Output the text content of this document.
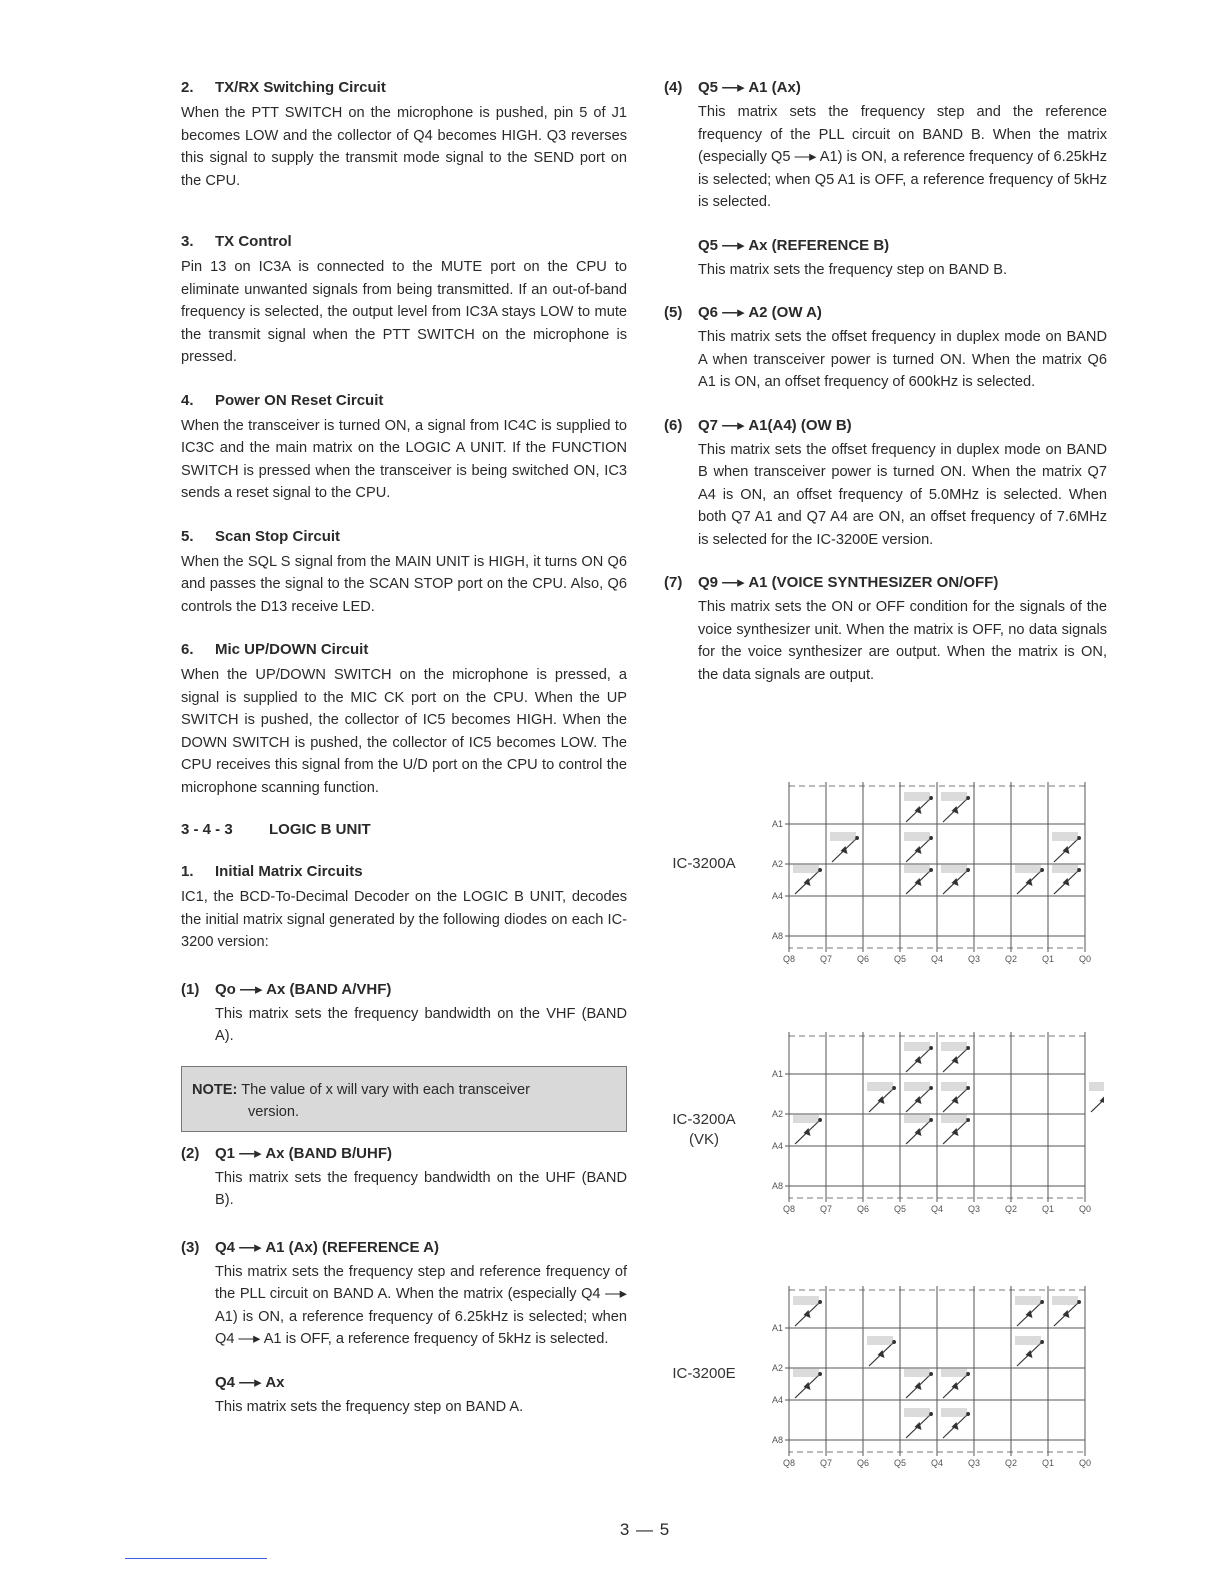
2. TX/RX Switching Circuit

When the PTT SWITCH on the microphone is pushed, pin 5 of J1 becomes LOW and the collector of Q4 becomes HIGH. Q3 reverses this signal to supply the transmit mode signal to the SEND port on the CPU.

3. TX Control

Pin 13 on IC3A is connected to the MUTE port on the CPU to eliminate unwanted signals from being transmitted. If an out-of-band frequency is selected, the output level from IC3A stays LOW to mute the transmit signal when the PTT SWITCH on the microphone is pressed.

4. Power ON Reset Circuit

When the transceiver is turned ON, a signal from IC4C is supplied to IC3C and the main matrix on the LOGIC A UNIT. If the FUNCTION SWITCH is pressed when the transceiver is being switched ON, IC3 sends a reset signal to the CPU.

5. Scan Stop Circuit

When the SQL S signal from the MAIN UNIT is HIGH, it turns ON Q6 and passes the signal to the SCAN STOP port on the CPU. Also, Q6 controls the D13 receive LED.

6. Mic UP/DOWN Circuit

When the UP/DOWN SWITCH on the microphone is pressed, a signal is supplied to the MIC CK port on the CPU. When the UP SWITCH is pushed, the collector of IC5 becomes HIGH. When the DOWN SWITCH is pushed, the collector of IC5 becomes LOW. The CPU receives this signal from the U/D port on the CPU to control the microphone scanning function.

3 - 4 - 3 LOGIC B UNIT
1. Initial Matrix Circuits

IC1, the BCD-To-Decimal Decoder on the LOGIC B UNIT, decodes the initial matrix signal generated by the following diodes on each IC-3200 version:

(1) Qo —▸ Ax (BAND A/VHF)

This matrix sets the frequency bandwidth on the VHF (BAND A).

NOTE: The value of x will vary with each transceiver
version.
(2) Q1 —▸ Ax (BAND B/UHF)

This matrix sets the frequency bandwidth on the UHF (BAND B).

(3) Q4 —▸ A1 (Ax) (REFERENCE A)

This matrix sets the frequency step and reference frequency of the PLL circuit on BAND A. When the matrix (especially Q4 —▸ A1) is ON, a reference frequency of 6.25kHz is selected; when Q4 —▸ A1 is OFF, a reference frequency of 5kHz is selected.

Q4 —▸ Ax

This matrix sets the frequency step on BAND A.

(4) Q5 —▸ A1 (Ax)

This matrix sets the frequency step and the reference frequency of the PLL circuit on BAND B. When the matrix (especially Q5 —▸ A1) is ON, a reference frequency of 6.25kHz is selected; when Q5 A1 is OFF, a reference frequency of 5kHz is selected.

Q5 —▸ Ax (REFERENCE B)

This matrix sets the frequency step on BAND B.

(5) Q6 —▸ A2 (OW A)

This matrix sets the offset frequency in duplex mode on BAND A when transceiver power is turned ON. When the matrix Q6 A1 is ON, an offset frequency of 600kHz is selected.

(6) Q7 —▸ A1(A4) (OW B)

This matrix sets the offset frequency in duplex mode on BAND B when transceiver power is turned ON. When the matrix Q7 A4 is ON, an offset frequency of 5.0MHz is selected. When both Q7 A1 and Q7 A4 are ON, an offset frequency of 7.6MHz is selected for the IC-3200E version.

(7) Q9 —▸ A1 (VOICE SYNTHESIZER ON/OFF)

This matrix sets the ON or OFF condition for the signals of the voice synthesizer unit. When the matrix is OFF, no data signals for the voice synthesizer are output. When the matrix is ON, the data signals are output.

IC-3200A
Q8	Q7	Q6	Q5	Q4	Q3	Q2	Q1	Q0
A1
A2
A4
A8
IC-3200A
(VK)
Q8	Q7	Q6	Q5	Q4	Q3	Q2	Q1	Q0
A1
A2
A4
A8
IC-3200E
Q8	Q7	Q6	Q5	Q4	Q3	Q2	Q1	Q0
A1
A2
A4
A8
3 — 5
